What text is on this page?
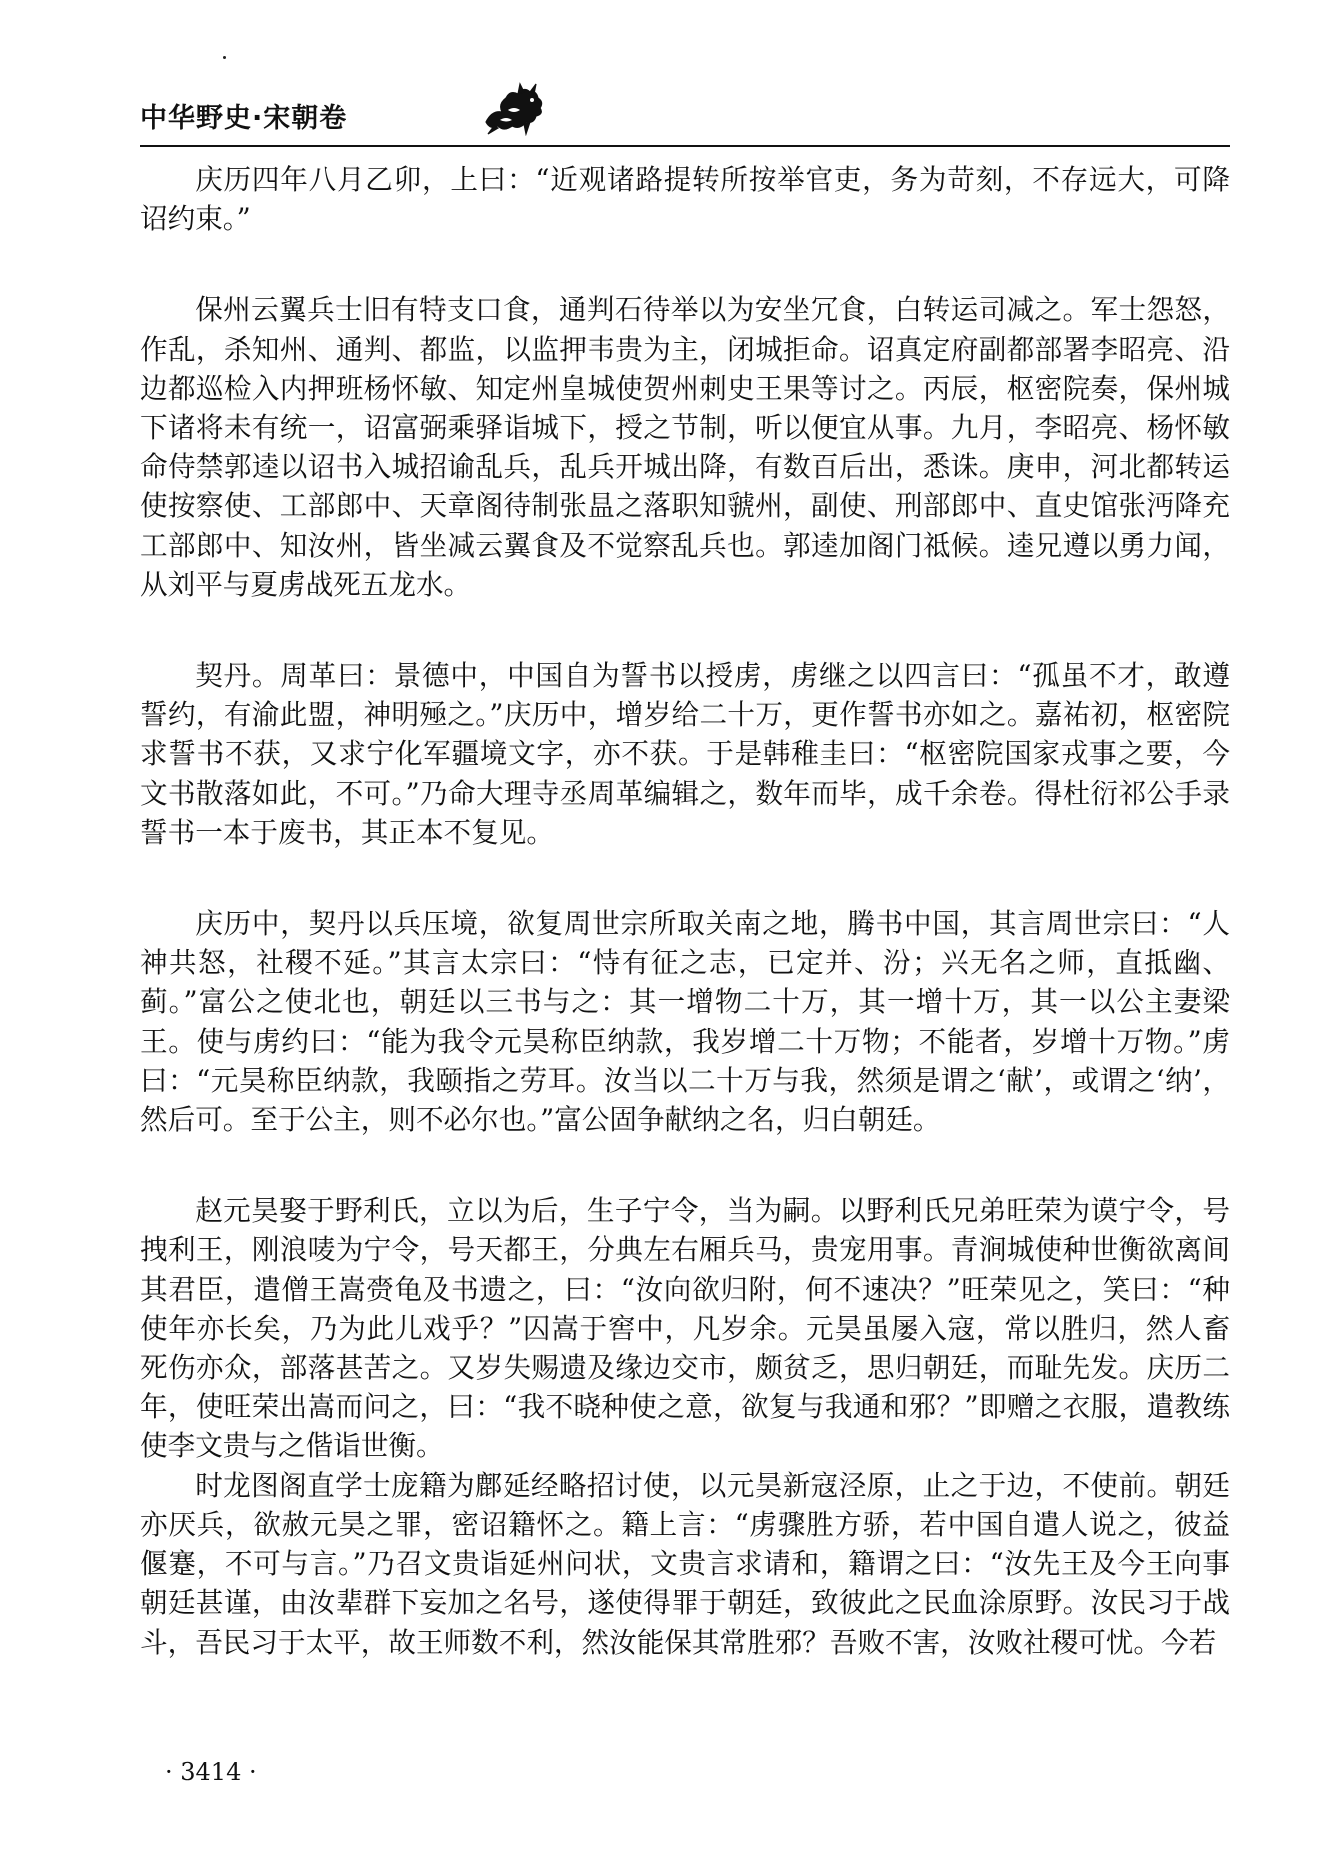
中华野史·宋朝卷

庆历四年八月乙卯，上曰：“近观诸路提转所按举官吏，务为苛刻，不存远大，可降诏约束。”

保州云翼兵士旧有特支口食，通判石待举以为安坐冗食，白转运司减之。军士怨怒，作乱，杀知州、通判、都监，以监押韦贵为主，闭城拒命。诏真定府副都部署李昭亮、沿边都巡检入内押班杨怀敏、知定州皇城使贺州刺史王果等讨之。丙辰，枢密院奏，保州城下诸将未有统一，诏富弼乘驿诣城下，授之节制，听以便宜从事。九月，李昭亮、杨怀敏命侍禁郭逵以诏书入城招谕乱兵，乱兵开城出降，有数百后出，悉诛。庚申，河北都转运使按察使、工部郎中、天章阁待制张昷之落职知虢州，副使、刑部郎中、直史馆张沔降充工部郎中、知汝州，皆坐减云翼食及不觉察乱兵也。郭逵加阁门祗候。逵兄遵以勇力闻，从刘平与夏虏战死五龙水。

契丹。周革曰：景德中，中国自为誓书以授虏，虏继之以四言曰：“孤虽不才，敢遵誓约，有渝此盟，神明殛之。”庆历中，增岁给二十万，更作誓书亦如之。嘉祐初，枢密院求誓书不获，又求宁化军疆境文字，亦不获。于是韩稚圭曰：“枢密院国家戎事之要，今文书散落如此，不可。”乃命大理寺丞周革编辑之，数年而毕，成千余卷。得杜衍祁公手录誓书一本于废书，其正本不复见。

庆历中，契丹以兵压境，欲复周世宗所取关南之地，腾书中国，其言周世宗曰：“人神共怒，社稷不延。”其言太宗曰：“恃有征之志，已定并、汾；兴无名之师，直抵幽、蓟。”富公之使北也，朝廷以三书与之：其一增物二十万，其一增十万，其一以公主妻梁王。使与虏约曰：“能为我令元昊称臣纳款，我岁增二十万物；不能者，岁增十万物。”虏曰：“元昊称臣纳款，我颐指之劳耳。汝当以二十万与我，然须是谓之‘献’，或谓之‘纳’，然后可。至于公主，则不必尔也。”富公固争献纳之名，归白朝廷。

赵元昊娶于野利氏，立以为后，生子宁令，当为嗣。以野利氏兄弟旺荣为谟宁令，号拽利王，刚浪唛为宁令，号天都王，分典左右厢兵马，贵宠用事。青涧城使种世衡欲离间其君臣，遣僧王嵩赍龟及书遗之，曰：“汝向欲归附，何不速决？”旺荣见之，笑曰：“种使年亦长矣，乃为此儿戏乎？”囚嵩于窖中，凡岁余。元昊虽屡入寇，常以胜归，然人畜死伤亦众，部落甚苦之。又岁失赐遗及缘边交市，颇贫乏，思归朝廷，而耻先发。庆历二年，使旺荣出嵩而问之，曰：“我不晓种使之意，欲复与我通和邪？”即赠之衣服，遣教练使李文贵与之偕诣世衡。

时龙图阁直学士庞籍为鄜延经略招讨使，以元昊新寇泾原，止之于边，不使前。朝廷亦厌兵，欲赦元昊之罪，密诏籍怀之。籍上言：“虏骤胜方骄，若中国自遣人说之，彼益偃蹇，不可与言。”乃召文贵诣延州问状，文贵言求请和，籍谓之曰：“汝先王及今王向事朝廷甚谨，由汝辈群下妄加之名号，遂使得罪于朝廷，致彼此之民血涂原野。汝民习于战斗，吾民习于太平，故王师数不利，然汝能保其常胜邪？吾败不害，汝败社稷可忧。今若

· 3414 ·
